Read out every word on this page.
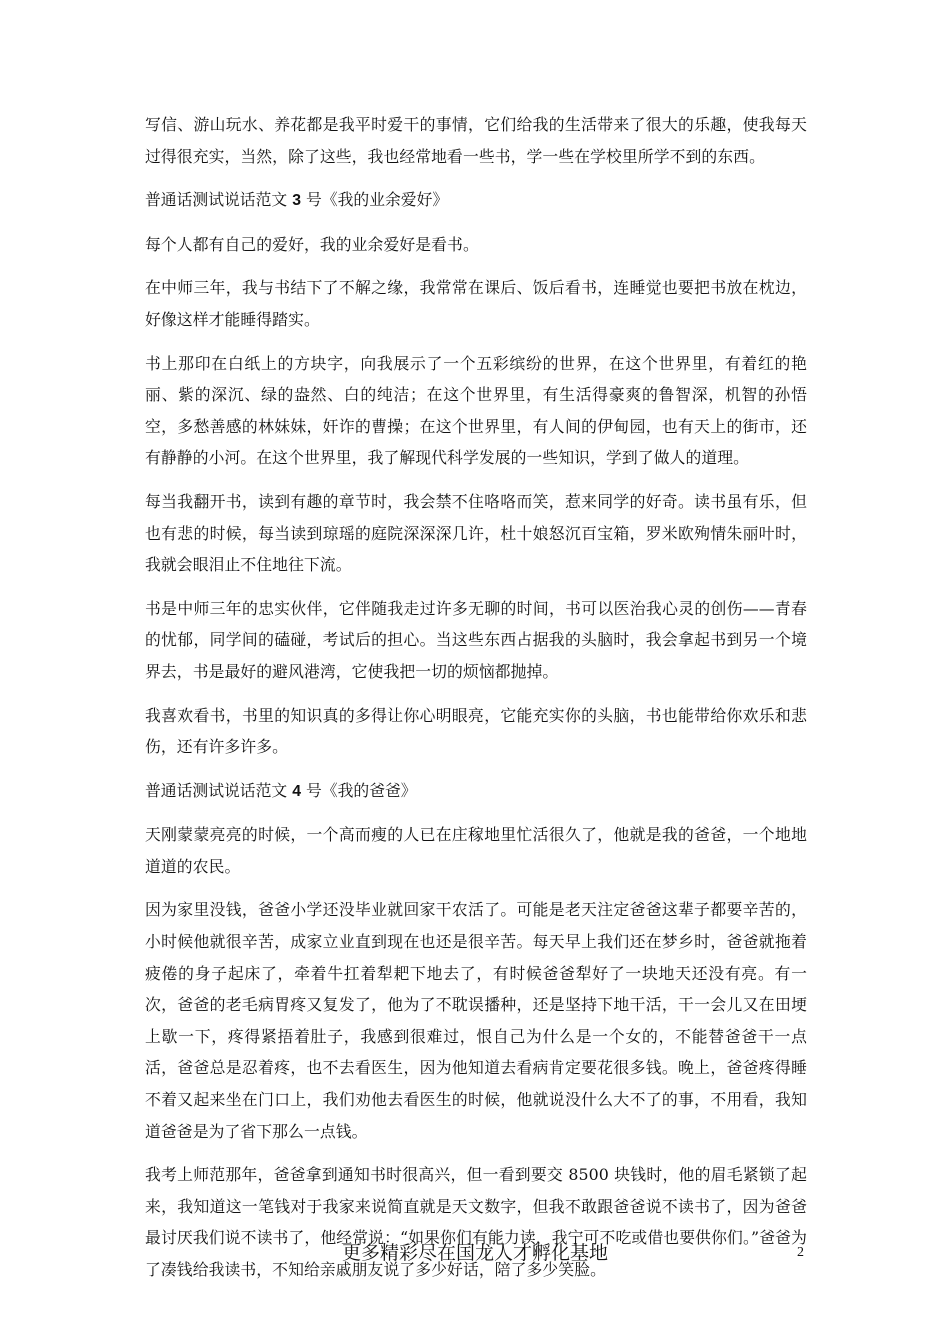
写信、游山玩水、养花都是我平时爱干的事情，它们给我的生活带来了很大的乐趣，使我每天过得很充实，当然，除了这些，我也经常地看一些书，学一些在学校里所学不到的东西。

普通话测试说话范文 3 号《我的业余爱好》

每个人都有自己的爱好，我的业余爱好是看书。

在中师三年，我与书结下了不解之缘，我常常在课后、饭后看书，连睡觉也要把书放在枕边，好像这样才能睡得踏实。

书上那印在白纸上的方块字，向我展示了一个五彩缤纷的世界，在这个世界里，有着红的艳丽、紫的深沉、绿的盎然、白的纯洁；在这个世界里，有生活得豪爽的鲁智深，机智的孙悟空，多愁善感的林妹妹，奸诈的曹操；在这个世界里，有人间的伊甸园，也有天上的街市，还有静静的小河。在这个世界里，我了解现代科学发展的一些知识，学到了做人的道理。

每当我翻开书，读到有趣的章节时，我会禁不住咯咯而笑，惹来同学的好奇。读书虽有乐，但也有悲的时候，每当读到琼瑶的庭院深深深几许，杜十娘怒沉百宝箱，罗米欧殉情朱丽叶时，我就会眼泪止不住地往下流。

书是中师三年的忠实伙伴，它伴随我走过许多无聊的时间，书可以医治我心灵的创伤——青春的忧郁，同学间的磕碰，考试后的担心。当这些东西占据我的头脑时，我会拿起书到另一个境界去，书是最好的避风港湾，它使我把一切的烦恼都抛掉。

我喜欢看书，书里的知识真的多得让你心明眼亮，它能充实你的头脑，书也能带给你欢乐和悲伤，还有许多许多。

普通话测试说话范文 4 号《我的爸爸》

天刚蒙蒙亮亮的时候，一个高而瘦的人已在庄稼地里忙活很久了，他就是我的爸爸，一个地地道道的农民。

因为家里没钱，爸爸小学还没毕业就回家干农活了。可能是老天注定爸爸这辈子都要辛苦的，小时候他就很辛苦，成家立业直到现在也还是很辛苦。每天早上我们还在梦乡时，爸爸就拖着疲倦的身子起床了，牵着牛扛着犁耙下地去了，有时候爸爸犁好了一块地天还没有亮。有一次，爸爸的老毛病胃疼又复发了，他为了不耽误播种，还是坚持下地干活，干一会儿又在田埂上歇一下，疼得紧捂着肚子，我感到很难过，恨自己为什么是一个女的，不能替爸爸干一点活，爸爸总是忍着疼，也不去看医生，因为他知道去看病肯定要花很多钱。晚上，爸爸疼得睡不着又起来坐在门口上，我们劝他去看医生的时候，他就说没什么大不了的事，不用看，我知道爸爸是为了省下那么一点钱。

我考上师范那年，爸爸拿到通知书时很高兴，但一看到要交 8500 块钱时，他的眉毛紧锁了起来，我知道这一笔钱对于我家来说简直就是天文数字，但我不敢跟爸爸说不读书了，因为爸爸最讨厌我们说不读书了，他经常说：“如果你们有能力读，我宁可不吃或借也要供你们。”爸爸为了凑钱给我读书，不知给亲戚朋友说了多少好话，陪了多少笑脸。

更多精彩尽在国龙人才孵化基地	2
